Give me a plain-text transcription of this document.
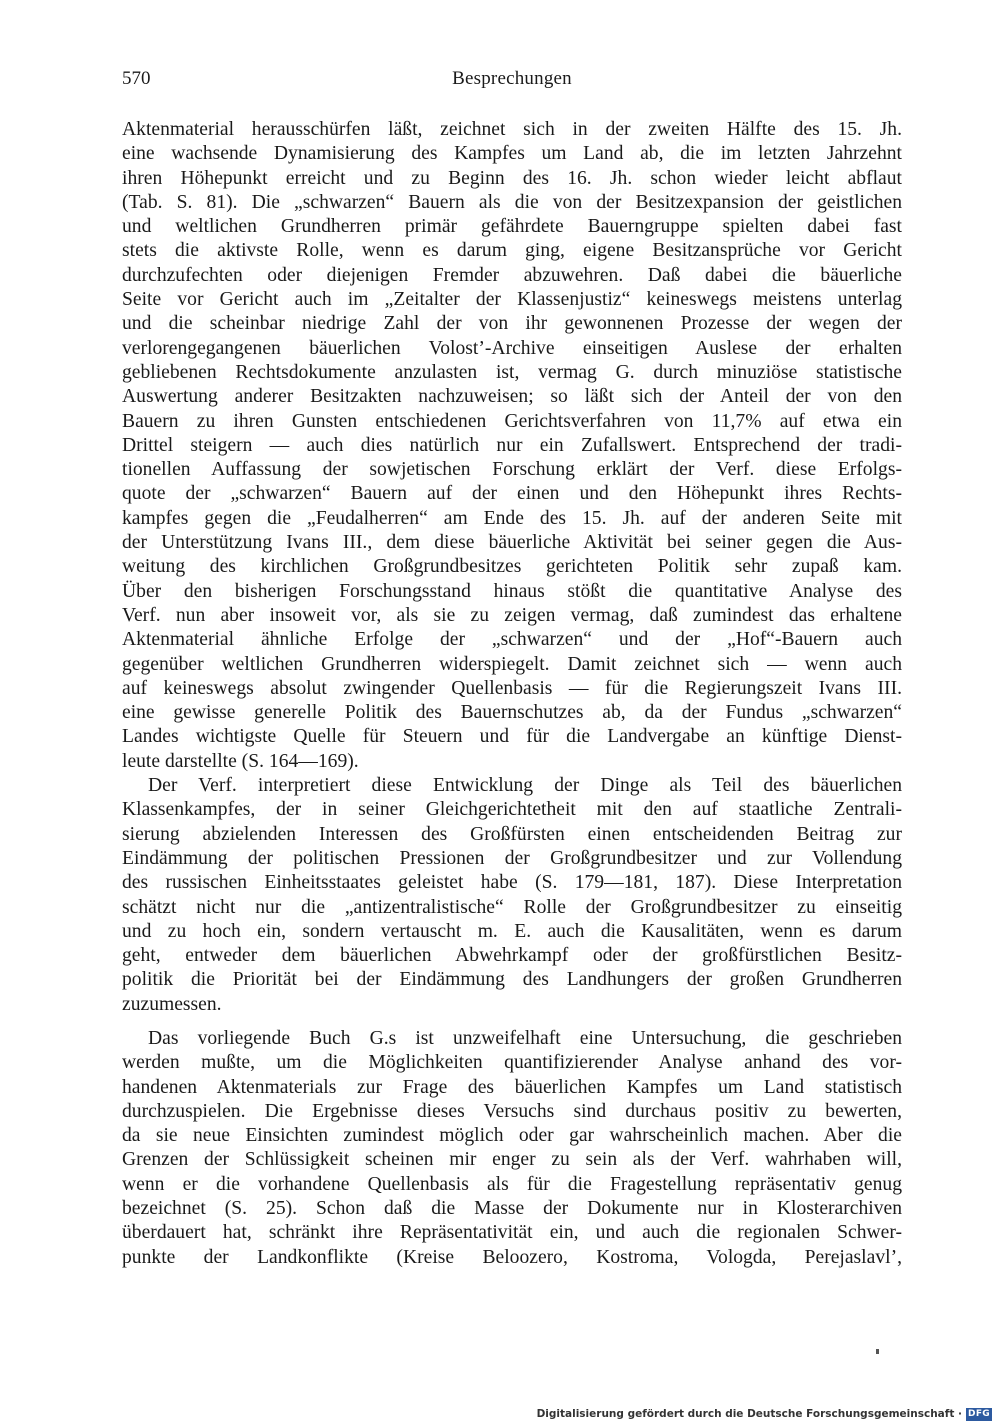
570	Besprechungen
Aktenmaterial herausschürfen läßt, zeichnet sich in der zweiten Hälfte des 15. Jh.
eine wachsende Dynamisierung des Kampfes um Land ab, die im letzten Jahrzehnt
ihren Höhepunkt erreicht und zu Beginn des 16. Jh. schon wieder leicht abflaut
(Tab. S. 81). Die „schwarzen“ Bauern als die von der Besitzexpansion der geistlichen
und weltlichen Grundherren primär gefährdete Bauerngruppe spielten dabei fast
stets die aktivste Rolle, wenn es darum ging, eigene Besitzansprüche vor Gericht
durchzufechten oder diejenigen Fremder abzuwehren. Daß dabei die bäuerliche
Seite vor Gericht auch im „Zeitalter der Klassenjustiz“ keineswegs meistens unterlag
und die scheinbar niedrige Zahl der von ihr gewonnenen Prozesse der wegen der
verlorengegangenen bäuerlichen Volost’-Archive einseitigen Auslese der erhalten
gebliebenen Rechtsdokumente anzulasten ist, vermag G. durch minuziöse statistische
Auswertung anderer Besitzakten nachzuweisen; so läßt sich der Anteil der von den
Bauern zu ihren Gunsten entschiedenen Gerichtsverfahren von 11,7% auf etwa ein
Drittel steigern — auch dies natürlich nur ein Zufallswert. Entsprechend der tradi-
tionellen Auffassung der sowjetischen Forschung erklärt der Verf. diese Erfolgs-
quote der „schwarzen“ Bauern auf der einen und den Höhepunkt ihres Rechts-
kampfes gegen die „Feudalherren“ am Ende des 15. Jh. auf der anderen Seite mit
der Unterstützung Ivans III., dem diese bäuerliche Aktivität bei seiner gegen die Aus-
weitung des kirchlichen Großgrundbesitzes gerichteten Politik sehr zupaß kam.
Über den bisherigen Forschungsstand hinaus stößt die quantitative Analyse des
Verf. nun aber insoweit vor, als sie zu zeigen vermag, daß zumindest das erhaltene
Aktenmaterial ähnliche Erfolge der „schwarzen“ und der „Hof“-Bauern auch
gegenüber weltlichen Grundherren widerspiegelt. Damit zeichnet sich — wenn auch
auf keineswegs absolut zwingender Quellenbasis — für die Regierungszeit Ivans III.
eine gewisse generelle Politik des Bauernschutzes ab, da der Fundus „schwarzen“
Landes wichtigste Quelle für Steuern und für die Landvergabe an künftige Dienst-
leute darstellte (S. 164—169).
Der Verf. interpretiert diese Entwicklung der Dinge als Teil des bäuerlichen
Klassenkampfes, der in seiner Gleichgerichtetheit mit den auf staatliche Zentrali-
sierung abzielenden Interessen des Großfürsten einen entscheidenden Beitrag zur
Eindämmung der politischen Pressionen der Großgrundbesitzer und zur Vollendung
des russischen Einheitsstaates geleistet habe (S. 179—181, 187). Diese Interpretation
schätzt nicht nur die „antizentralistische“ Rolle der Großgrundbesitzer zu einseitig
und zu hoch ein, sondern vertauscht m. E. auch die Kausalitäten, wenn es darum
geht, entweder dem bäuerlichen Abwehrkampf oder der großfürstlichen Besitz-
politik die Priorität bei der Eindämmung des Landhungers der großen Grundherren
zuzumessen.
Das vorliegende Buch G.s ist unzweifelhaft eine Untersuchung, die geschrieben
werden mußte, um die Möglichkeiten quantifizierender Analyse anhand des vor-
handenen Aktenmaterials zur Frage des bäuerlichen Kampfes um Land statistisch
durchzuspielen. Die Ergebnisse dieses Versuchs sind durchaus positiv zu bewerten,
da sie neue Einsichten zumindest möglich oder gar wahrscheinlich machen. Aber die
Grenzen der Schlüssigkeit scheinen mir enger zu sein als der Verf. wahrhaben will,
wenn er die vorhandene Quellenbasis als für die Fragestellung repräsentativ genug
bezeichnet (S. 25). Schon daß die Masse der Dokumente nur in Klosterarchiven
überdauert hat, schränkt ihre Repräsentativität ein, und auch die regionalen Schwer-
punkte der Landkonflikte (Kreise Beloozero, Kostroma, Vologda, Perejaslavl’,
Digitalisierung gefördert durch die Deutsche Forschungsgemeinschaft · DFG
